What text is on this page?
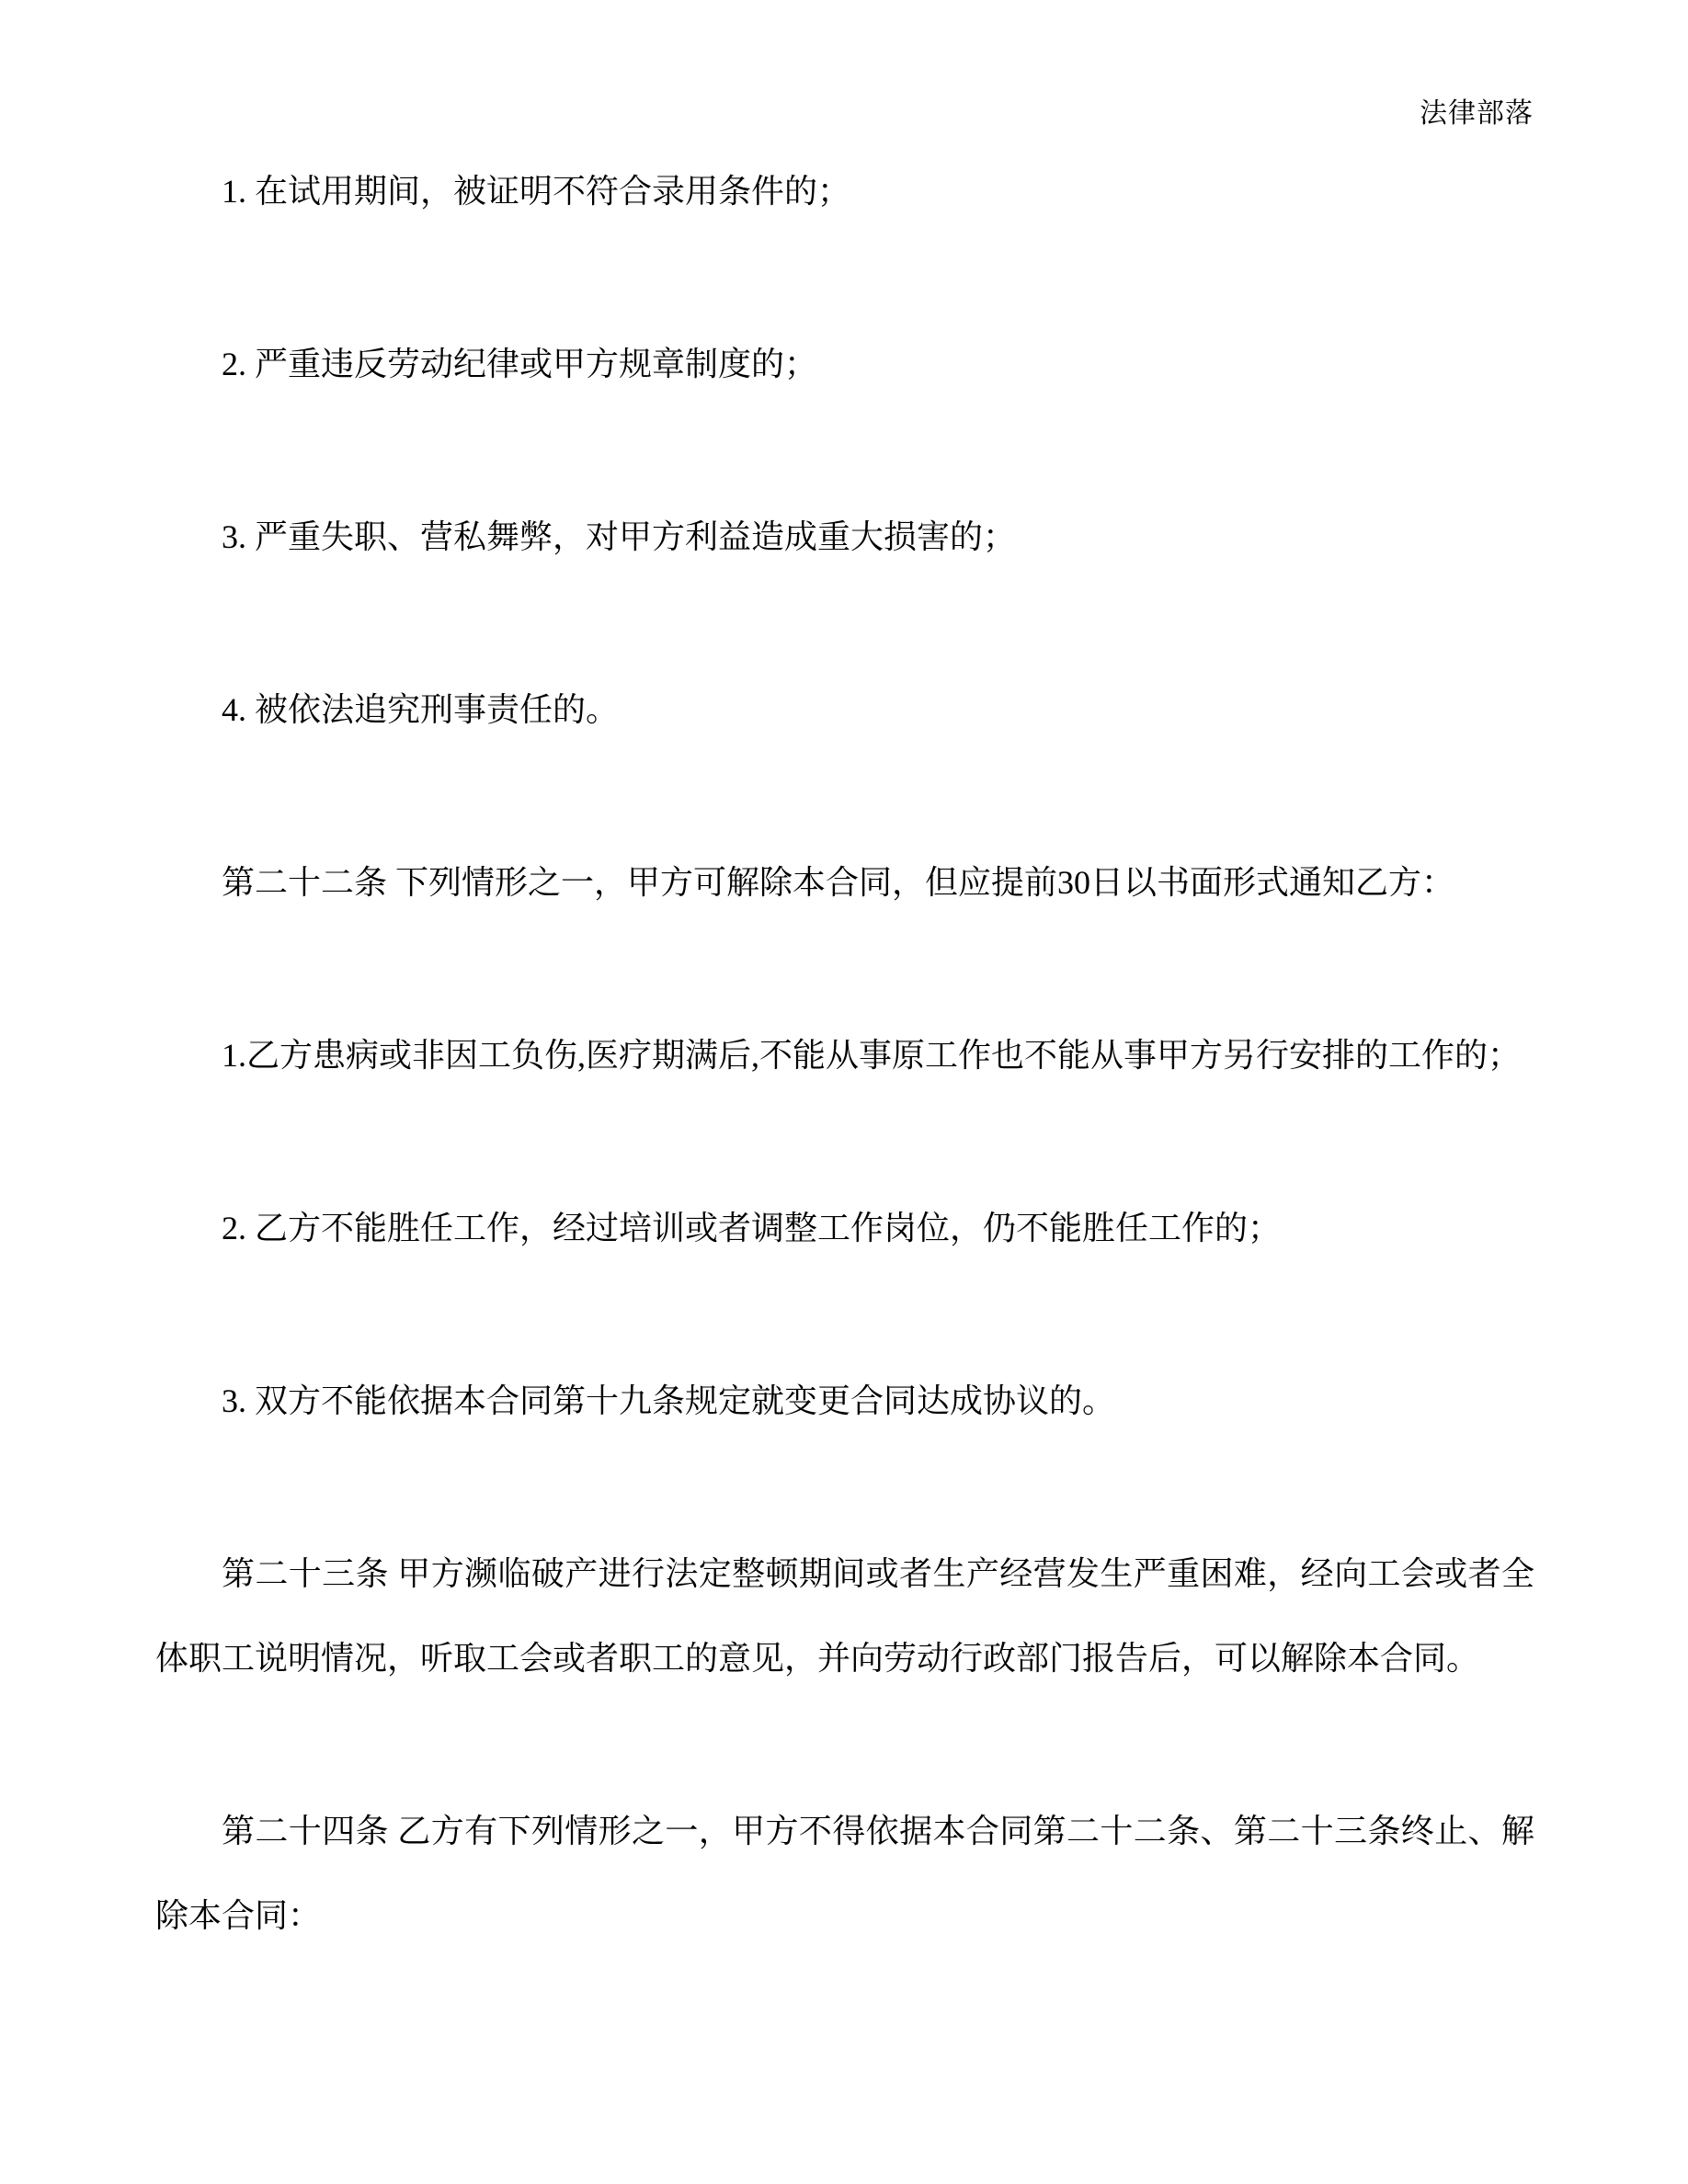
法律部落

1. 在试用期间，被证明不符合录用条件的；

2. 严重违反劳动纪律或甲方规章制度的；

3. 严重失职、营私舞弊，对甲方利益造成重大损害的；

4. 被依法追究刑事责任的。

第二十二条 下列情形之一，甲方可解除本合同，但应提前30日以书面形式通知乙方：

1.乙方患病或非因工负伤,医疗期满后,不能从事原工作也不能从事甲方另行安排的工作的；

2. 乙方不能胜任工作，经过培训或者调整工作岗位，仍不能胜任工作的；

3. 双方不能依据本合同第十九条规定就变更合同达成协议的。

第二十三条 甲方濒临破产进行法定整顿期间或者生产经营发生严重困难，经向工会或者全体职工说明情况，听取工会或者职工的意见，并向劳动行政部门报告后，可以解除本合同。

第二十四条 乙方有下列情形之一，甲方不得依据本合同第二十二条、第二十三条终止、解除本合同：
